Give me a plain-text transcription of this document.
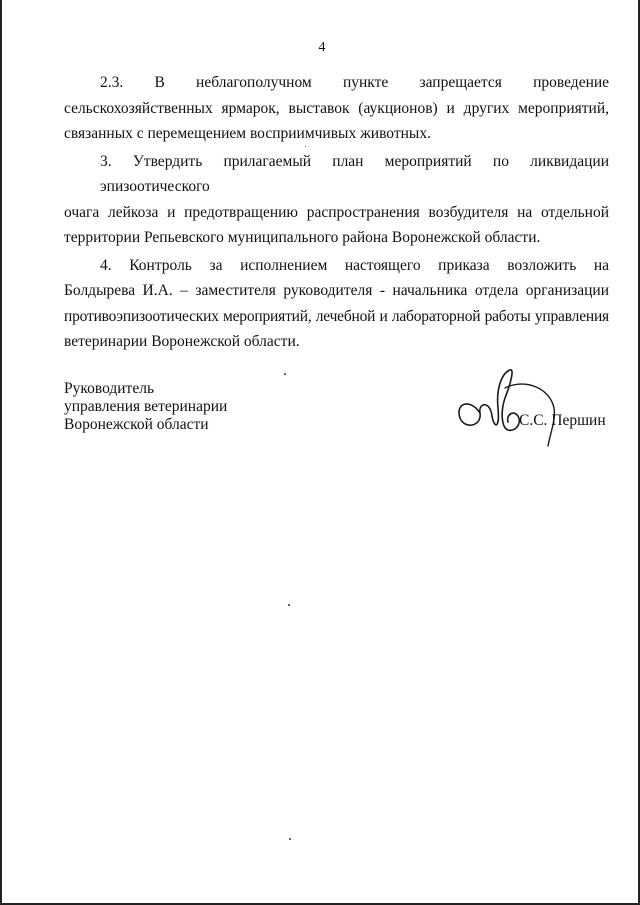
4
2.3. В неблагополучном пункте запрещается проведение
сельскохозяйственных ярмарок, выставок (аукционов) и других мероприятий,
связанных с перемещением восприимчивых животных.
3. Утвердить прилагаемый план мероприятий по ликвидации эпизоотического
очага лейкоза и предотвращению распространения возбудителя на отдельной
территории Репьевского муниципального района Воронежской области.
4. Контроль за исполнением настоящего приказа возложить на
Болдырева И.А. – заместителя руководителя - начальника отдела организации
противоэпизоотических мероприятий, лечебной и лабораторной работы управления
ветеринарии Воронежской области.
Руководитель
управления ветеринарии
Воронежской области	С.С. Першин
